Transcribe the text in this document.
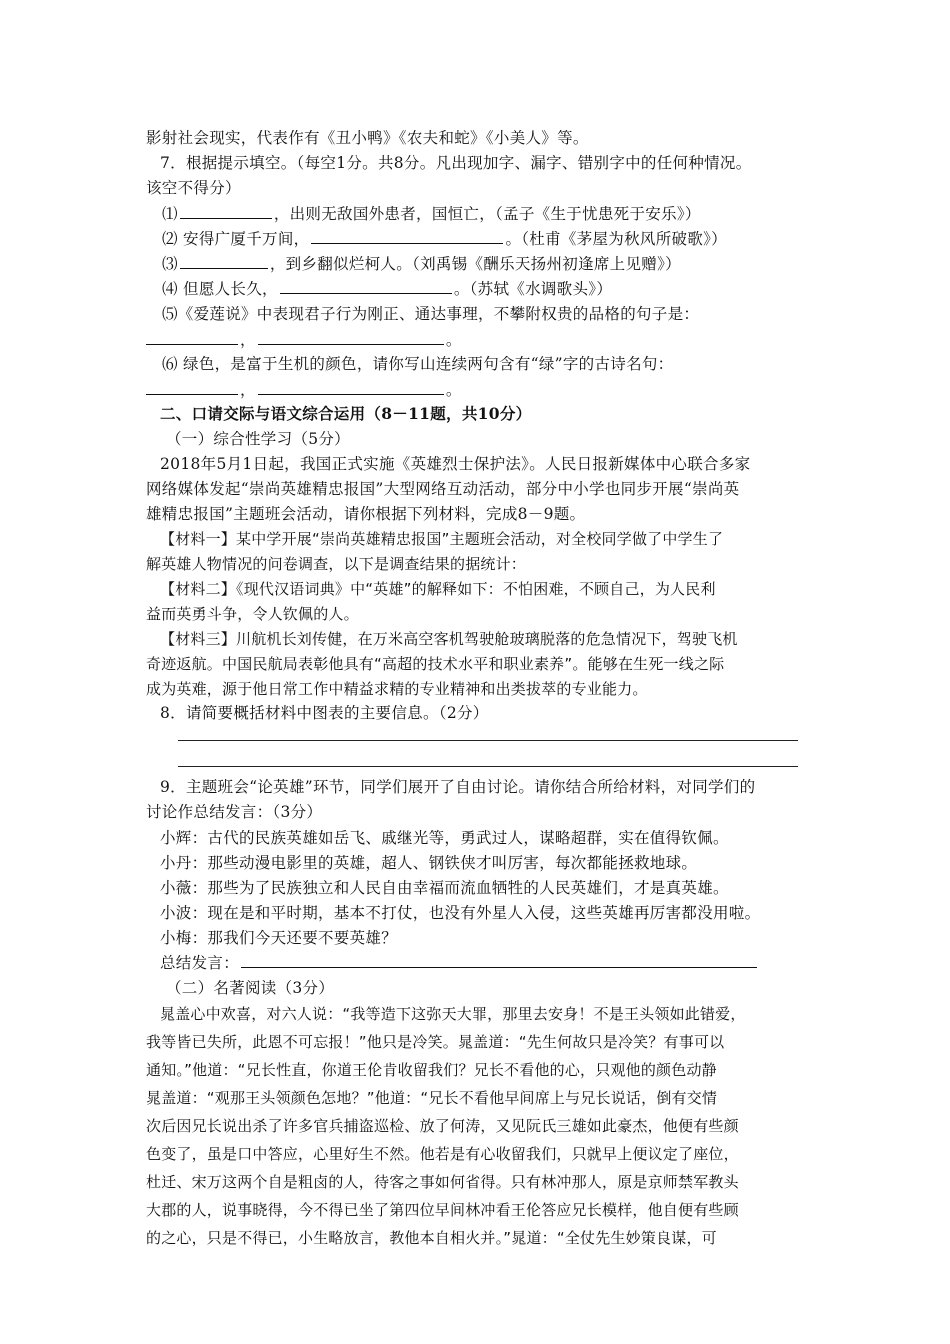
影射社会现实，代表作有《丑小鸭》《农夫和蛇》《小美人》等。
7．根据提示填空。（每空1分。共8分。凡出现加字、漏字、错别字中的任何种情况。
该空不得分）
⑴	，出则无敌国外患者，国恒亡，（孟子《生于忧患死于安乐》）
⑵ 安得广厦千万间，	。（杜甫《茅屋为秋风所破歌》）
⑶	，到乡翻似烂柯人。（刘禹锡《酬乐天扬州初逢席上见赠》）
⑷ 但愿人长久，	。（苏轼《水调歌头》）
⑸《爱莲说》中表现君子行为刚正、通达事理，不攀附权贵的品格的句子是：
，	。
⑹ 绿色，是富于生机的颜色，请你写山连续两句含有“绿”字的古诗名句：
，	。
二、口请交际与语文综合运用（8－11题，共10分）
（一）综合性学习（5分）
2018年5月1日起，我国正式实施《英雄烈士保护法》。人民日报新媒体中心联合多家
网络媒体发起“崇尚英雄精忠报国”大型网络互动活动，部分中小学也同步开展“崇尚英
雄精忠报国”主题班会活动，请你根据下列材料，完成8－9题。
【材料一】某中学开展“崇尚英雄精忠报国”主题班会活动，对全校同学做了中学生了
解英雄人物情况的问卷调查，以下是调查结果的据统计：
【材料二】《现代汉语词典》中“英雄”的解释如下：不怕困难，不顾自己，为人民利
益而英勇斗争，令人钦佩的人。
【材料三】川航机长刘传健，在万米高空客机驾驶舱玻璃脱落的危急情况下，驾驶飞机
奇迹返航。中国民航局表彰他具有“高超的技术水平和职业素养”。能够在生死一线之际
成为英难，源于他日常工作中精益求精的专业精神和出类拔萃的专业能力。
8．请简要概括材料中图表的主要信息。（2分）
9．主题班会“论英雄”环节，同学们展开了自由讨论。请你结合所给材料，对同学们的
讨论作总结发言：（3分）
小辉：古代的民族英雄如岳飞、戚继光等，勇武过人，谋略超群，实在值得钦佩。
小丹：那些动漫电影里的英雄，超人、钢铁侠才叫厉害，每次都能拯救地球。
小薇：那些为了民族独立和人民自由幸福而流血牺牲的人民英雄们，才是真英雄。
小波：现在是和平时期，基本不打仗，也没有外星人入侵，这些英雄再厉害都没用啦。
小梅：那我们今天还要不要英雄？
总结发言：
（二）名著阅读（3分）
晁盖心中欢喜，对六人说：“我等造下这弥天大罪，那里去安身！不是王头领如此错爱，
我等皆已失所，此恩不可忘报！”他只是冷笑。晁盖道：“先生何故只是冷笑？有事可以
通知。”他道：“兄长性直，你道王伦肯收留我们？兄长不看他的心，只观他的颜色动静
晁盖道：“观那王头领颜色怎地？”他道：“兄长不看他早间席上与兄长说话，倒有交情
次后因兄长说出杀了许多官兵捕盗巡检、放了何涛，又见阮氏三雄如此豪杰，他便有些颜
色变了，虽是口中答应，心里好生不然。他若是有心收留我们，只就早上便议定了座位，
杜迁、宋万这两个自是粗卤的人，待客之事如何省得。只有林冲那人，原是京师禁军教头
大郡的人，说事晓得，今不得已坐了第四位早间林冲看王伦答应兄长模样，他自便有些顾
的之心，只是不得已，小生略放言，教他本自相火并。”晁道：“全仗先生妙策良谋，可
